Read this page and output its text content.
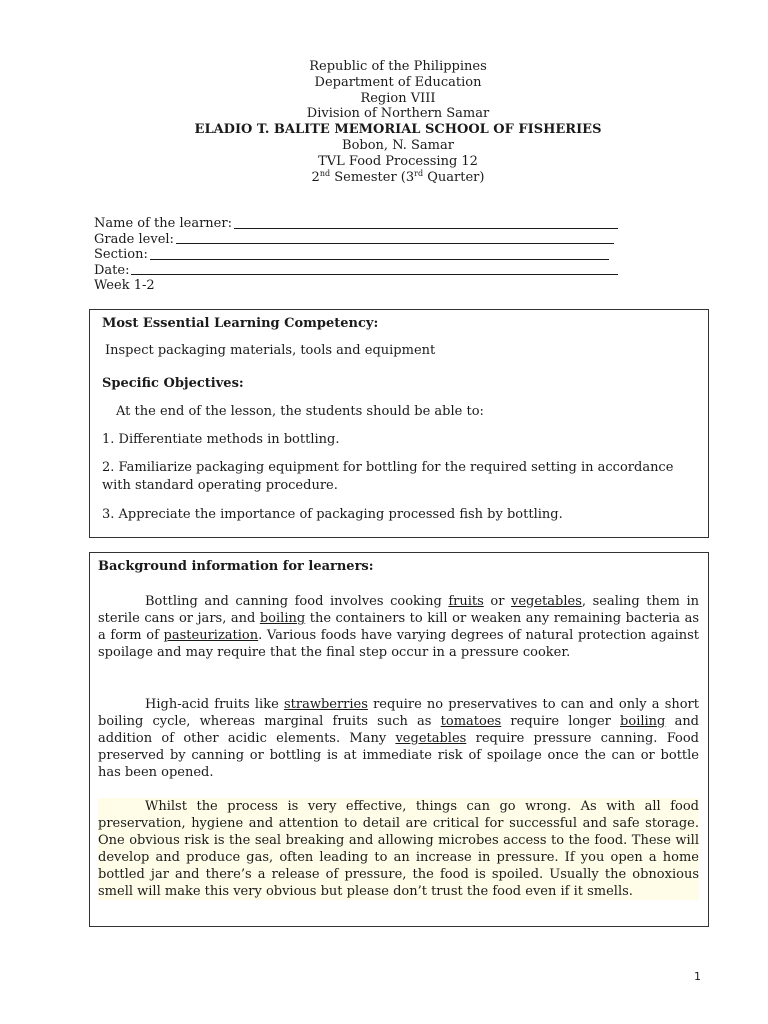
Republic of the Philippines
Department of Education
Region VIII
Division of Northern Samar
ELADIO T. BALITE MEMORIAL SCHOOL OF FISHERIES
Bobon, N. Samar
TVL Food Processing 12
2nd Semester (3rd Quarter)
Name of the learner:
Grade level:
Section:
Date:
Week 1-2
Most Essential Learning Competency:
Inspect packaging materials, tools and equipment
Specific Objectives:
At the end of the lesson, the students should be able to:
1. Differentiate methods in bottling.
2. Familiarize packaging equipment for bottling for the required setting in accordance with standard operating procedure.
3. Appreciate the importance of packaging processed fish by bottling.
Background information for learners:
Bottling and canning food involves cooking fruits or vegetables, sealing them in sterile cans or jars, and boiling the containers to kill or weaken any remaining bacteria as a form of pasteurization. Various foods have varying degrees of natural protection against spoilage and may require that the final step occur in a pressure cooker.
High-acid fruits like strawberries require no preservatives to can and only a short boiling cycle, whereas marginal fruits such as tomatoes require longer boiling and addition of other acidic elements. Many vegetables require pressure canning. Food preserved by canning or bottling is at immediate risk of spoilage once the can or bottle has been opened.
Whilst the process is very effective, things can go wrong. As with all food preservation, hygiene and attention to detail are critical for successful and safe storage. One obvious risk is the seal breaking and allowing microbes access to the food. These will develop and produce gas, often leading to an increase in pressure. If you open a home bottled jar and there’s a release of pressure, the food is spoiled. Usually the obnoxious smell will make this very obvious but please don’t trust the food even if it smells.
1
